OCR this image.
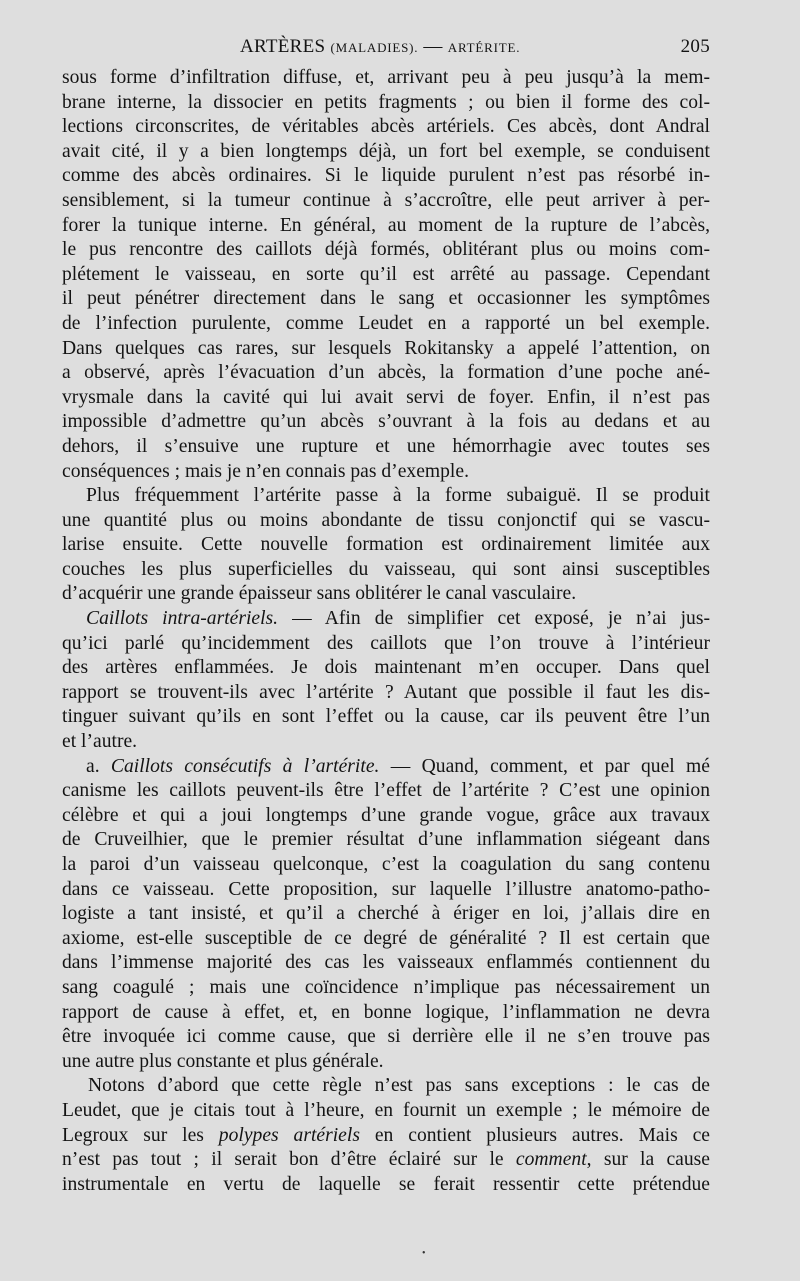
ARTÈRES (MALADIES). — ARTÉRITE.	205
sous forme d’infiltration diffuse, et, arrivant peu à peu jusqu’à la mem-
brane interne, la dissocier en petits fragments ; ou bien il forme des col-
lections circonscrites, de véritables abcès artériels. Ces abcès, dont Andral
avait cité, il y a bien longtemps déjà, un fort bel exemple, se conduisent
comme des abcès ordinaires. Si le liquide purulent n’est pas résorbé in-
sensiblement, si la tumeur continue à s’accroître, elle peut arriver à per-
forer la tunique interne. En général, au moment de la rupture de l’abcès,
le pus rencontre des caillots déjà formés, oblitérant plus ou moins com-
plétement le vaisseau, en sorte qu’il est arrêté au passage. Cependant
il peut pénétrer directement dans le sang et occasionner les symptômes
de l’infection purulente, comme Leudet en a rapporté un bel exemple.
Dans quelques cas rares, sur lesquels Rokitansky a appelé l’attention, on
a observé, après l’évacuation d’un abcès, la formation d’une poche ané-
vrysmale dans la cavité qui lui avait servi de foyer. Enfin, il n’est pas
impossible d’admettre qu’un abcès s’ouvrant à la fois au dedans et au
dehors, il s’ensuive une rupture et une hémorrhagie avec toutes ses
conséquences ; mais je n’en connais pas d’exemple.
Plus fréquemment l’artérite passe à la forme subaiguë. Il se produit
une quantité plus ou moins abondante de tissu conjonctif qui se vascu-
larise ensuite. Cette nouvelle formation est ordinairement limitée aux
couches les plus superficielles du vaisseau, qui sont ainsi susceptibles
d’acquérir une grande épaisseur sans oblitérer le canal vasculaire.
Caillots intra-artériels. — Afin de simplifier cet exposé, je n’ai jus-
qu’ici parlé qu’incidemment des caillots que l’on trouve à l’intérieur
des artères enflammées. Je dois maintenant m’en occuper. Dans quel
rapport se trouvent-ils avec l’artérite ? Autant que possible il faut les dis-
tinguer suivant qu’ils en sont l’effet ou la cause, car ils peuvent être l’un
et l’autre.
a. Caillots consécutifs à l’artérite. — Quand, comment, et par quel mé
canisme les caillots peuvent-ils être l’effet de l’artérite ? C’est une opinion
célèbre et qui a joui longtemps d’une grande vogue, grâce aux travaux
de Cruveilhier, que le premier résultat d’une inflammation siégeant dans
la paroi d’un vaisseau quelconque, c’est la coagulation du sang contenu
dans ce vaisseau. Cette proposition, sur laquelle l’illustre anatomo-patho-
logiste a tant insisté, et qu’il a cherché à ériger en loi, j’allais dire en
axiome, est-elle susceptible de ce degré de généralité ? Il est certain que
dans l’immense majorité des cas les vaisseaux enflammés contiennent du
sang coagulé ; mais une coïncidence n’implique pas nécessairement un
rapport de cause à effet, et, en bonne logique, l’inflammation ne devra
être invoquée ici comme cause, que si derrière elle il ne s’en trouve pas
une autre plus constante et plus générale.
Notons d’abord que cette règle n’est pas sans exceptions : le cas de
Leudet, que je citais tout à l’heure, en fournit un exemple ; le mémoire de
Legroux sur les polypes artériels en contient plusieurs autres. Mais ce
n’est pas tout ; il serait bon d’être éclairé sur le comment, sur la cause
instrumentale en vertu de laquelle se ferait ressentir cette prétendue
•
